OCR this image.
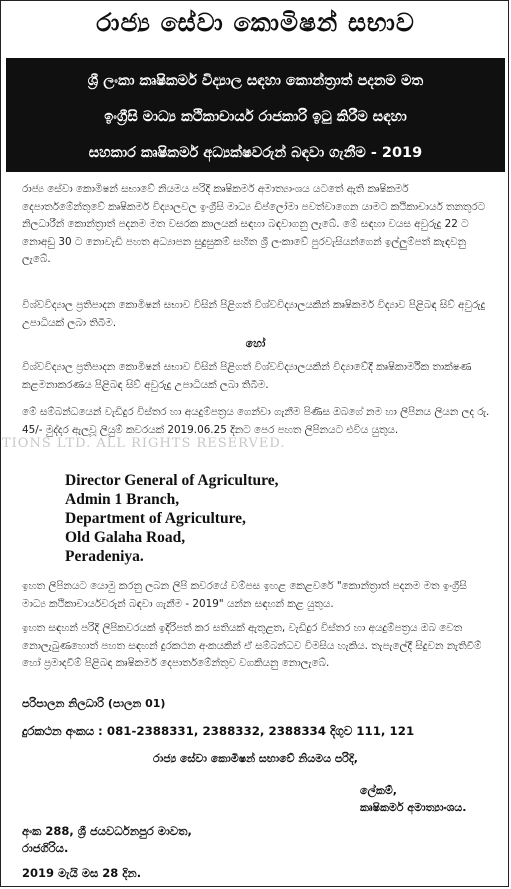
රාජ්‍ය සේවා කොමිෂන් සභාව
ශ්‍රී ලංකා කෘෂිකර්ම විද්‍යාල සඳහා කොන්ත්‍රාත් පදනම මත
ඉංග්‍රීසි මාධ්‍ය කථිකාචාර්ය රාජකාරි ඉටු කිරීම සඳහා
සහකාර කෘෂිකර්ම අධ්‍යක්ෂවරුන් බඳවා ගැනීම - 2019
රාජ්‍ය සේවා කොමිෂන් සභාවේ නියමය පරිදි කෘෂිකර්ම අමාත්‍යාංශය යටතේ ඇති කෘෂිකර්ම දෙපාර්තමේන්තුවේ කෘෂිකර්ම විද්‍යාලවල ඉංග්‍රීසි මාධ්‍ය ඩිප්ලෝමා පවත්වාගෙන යාමට කථිකාචාර්ය තනතුරට නිලධාරීන් කොන්ත්‍රාත් පදනම මත වසරක කාලයක් සඳහා බඳවාගනු ලැබේ. මේ සඳහා වයස අවුරුදු 22 ට නොඅඩු 30 ට නොවැඩි පහත අධ්‍යාපන සුදුසුකම් සහිත ශ්‍රී ලංකාවේ පුරවැසියන්ගෙන් ඉල්ලුම්පත් කැඳවනු ලැබේ.
විශ්වවිද්‍යාල ප්‍රතිපාදන කොමිෂන් සභාව විසින් පිළිගත් විශ්වවිද්‍යාලයකින් කෘෂිකර්ම විද්‍යාව පිළිබඳ සිව් අවුරුදු උපාධියක් ලබා තිබීම.
හෝ
විශ්වවිද්‍යාල ප්‍රතිපාදන කොමිෂන් සභාව විසින් පිළිගත් විශ්වවිද්‍යාලයකින් විද්‍යාවේදී කෘෂිකාර්මික තාක්ෂණ කළමනාකරණය පිළිබඳ සිව් අවුරුදු උපාධියක් ලබා තිබීම.
මේ සම්බන්ධයෙන් වැඩිදුර විස්තර හා අයදුම්පත්‍රය ගෙන්වා ගැනීම පිණිස ඔබගේ නම හා ලිපිනය ලියන ලද රු. 45/- මුද්දර ඇලවූ ලියුම් කවරයක් 2019.06.25 දිනට පෙර පහත ලිපිනයට එවිය යුතුය.
TIONS LTD. ALL RIGHTS RESERVED.
Director General of Agriculture,
Admin 1 Branch,
Department of Agriculture,
Old Galaha Road,
Peradeniya.
ඉහත ලිපිනයට යොමු කරනු ලබන ලිපි කවරයේ වම්පස ඉහළ කෙළවරේ "කොන්ත්‍රාත් පදනම මත ඉංග්‍රීසි මාධ්‍ය කථිකාචාර්යවරුන් බඳවා ගැනීම - 2019" යන්න සඳහන් කළ යුතුය.
ඉහත සඳහන් පරිදි ලිපිකවරයක් ඉදිරිපත් කර සතියක් ඇතුළත, වැඩිදුර විස්තර හා අයදුම්පත්‍රය ඔබ වෙත නොලැබුණහොත් පහත සඳහන් දුරකථන අංකයකින් ඒ සම්බන්ධව විමසිය හැකිය. තැපැලේදී සිදුවන නැතිවීම් හෝ ප්‍රමාදවීම් පිළිබඳ කෘෂිකර්ම දෙපාර්තමේන්තුව වගකියනු නොලැබේ.
පරිපාලන නිලධාරි (පාලන 01)
දුරකථන අංකය : 081-2388331, 2388332, 2388334 දිගුව 111, 121
රාජ්‍ය සේවා කොමිෂන් සභාවේ නියමය පරිදි,
ලේකම්,
කෘෂිකර්ම අමාත්‍යාංශය.
අංක 288, ශ්‍රී ජයවර්ධනපුර මාවත,
රාජගිරිය.
2019 මැයි මස 28 දින.
